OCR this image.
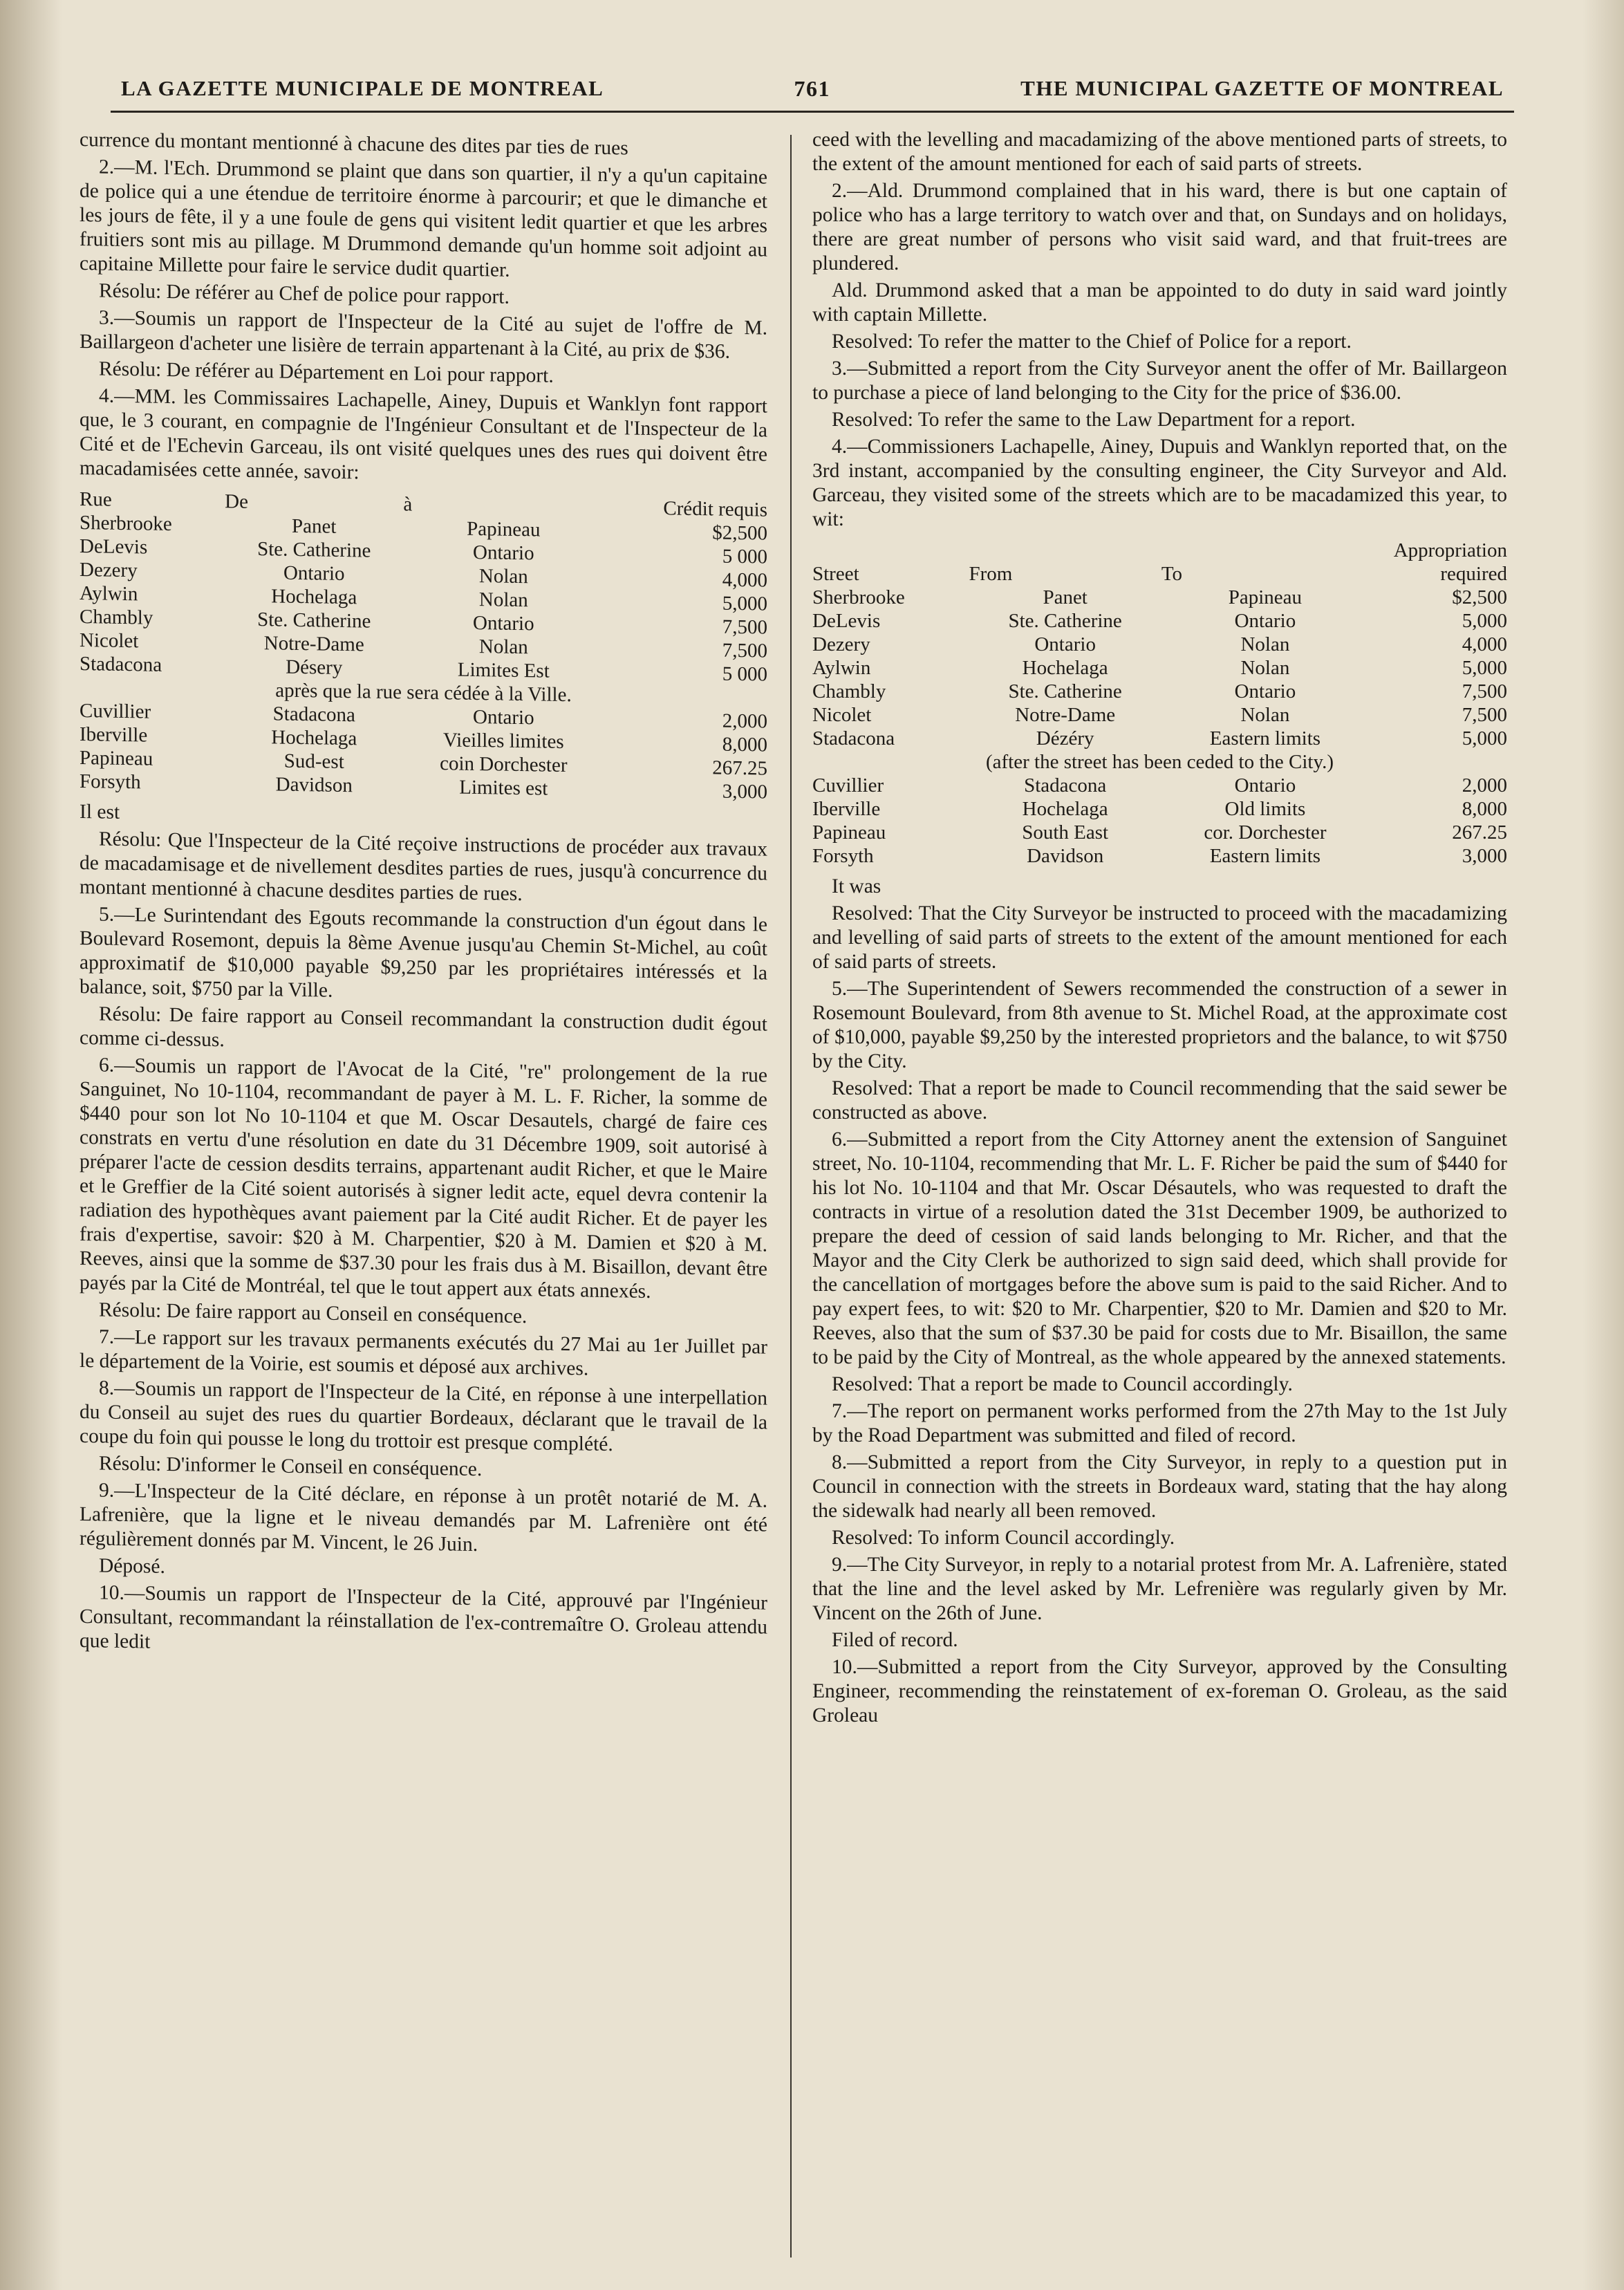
LA GAZETTE MUNICIPALE DE MONTREAL	761	THE MUNICIPAL GAZETTE OF MONTREAL

currence du montant mentionné à chacune des dites par ties de rues

2.—M. l'Ech. Drummond se plaint que dans son quartier, il n'y a qu'un capitaine de police qui a une étendue de territoire énorme à parcourir; et que le dimanche et les jours de fête, il y a une foule de gens qui visitent ledit quartier et que les arbres fruitiers sont mis au pillage. M Drummond demande qu'un homme soit adjoint au capitaine Millette pour faire le service dudit quartier.

Résolu: De référer au Chef de police pour rapport.

3.—Soumis un rapport de l'Inspecteur de la Cité au sujet de l'offre de M. Baillargeon d'acheter une lisière de terrain appartenant à la Cité, au prix de $36.

Résolu: De référer au Département en Loi pour rapport.

4.—MM. les Commissaires Lachapelle, Ainey, Dupuis et Wanklyn font rapport que, le 3 courant, en compagnie de l'Ingénieur Consultant et de l'Inspecteur de la Cité et de l'Echevin Garceau, ils ont visité quelques unes des rues qui doivent être macadamisées cette année, savoir:

Rue	De	à	Crédit requis
Sherbrooke	Panet	Papineau	$2,500
DeLevis	Ste. Catherine	Ontario	5 000
Dezery	Ontario	Nolan	4,000
Aylwin	Hochelaga	Nolan	5,000
Chambly	Ste. Catherine	Ontario	7,500
Nicolet	Notre-Dame	Nolan	7,500
Stadacona	Désery	Limites Est	5 000
après que la rue sera cédée à la Ville.			
Cuvillier	Stadacona	Ontario	2,000
Iberville	Hochelaga	Vieilles limites	8,000
Papineau	Sud-est	coin Dorchester	267.25
Forsyth	Davidson	Limites est	3,000

Il est

Résolu: Que l'Inspecteur de la Cité reçoive instructions de procéder aux travaux de macadamisage et de nivellement desdites parties de rues, jusqu'à concurrence du montant mentionné à chacune desdites parties de rues.

5.—Le Surintendant des Egouts recommande la construction d'un égout dans le Boulevard Rosemont, depuis la 8ème Avenue jusqu'au Chemin St-Michel, au coût approximatif de $10,000 payable $9,250 par les propriétaires intéressés et la balance, soit, $750 par la Ville.

Résolu: De faire rapport au Conseil recommandant la construction dudit égout comme ci-dessus.

6.—Soumis un rapport de l'Avocat de la Cité, "re" prolongement de la rue Sanguinet, No 10-1104, recommandant de payer à M. L. F. Richer, la somme de $440 pour son lot No 10-1104 et que M. Oscar Desautels, chargé de faire ces constrats en vertu d'une résolution en date du 31 Décembre 1909, soit autorisé à préparer l'acte de cession desdits terrains, appartenant audit Richer, et que le Maire et le Greffier de la Cité soient autorisés à signer ledit acte, equel devra contenir la radiation des hypothèques avant paiement par la Cité audit Richer. Et de payer les frais d'expertise, savoir: $20 à M. Charpentier, $20 à M. Damien et $20 à M. Reeves, ainsi que la somme de $37.30 pour les frais dus à M. Bisaillon, devant être payés par la Cité de Montréal, tel que le tout appert aux états annexés.

Résolu: De faire rapport au Conseil en conséquence.

7.—Le rapport sur les travaux permanents exécutés du 27 Mai au 1er Juillet par le département de la Voirie, est soumis et déposé aux archives.

8.—Soumis un rapport de l'Inspecteur de la Cité, en réponse à une interpellation du Conseil au sujet des rues du quartier Bordeaux, déclarant que le travail de la coupe du foin qui pousse le long du trottoir est presque complété.

Résolu: D'informer le Conseil en conséquence.

9.—L'Inspecteur de la Cité déclare, en réponse à un protêt notarié de M. A. Lafrenière, que la ligne et le niveau demandés par M. Lafrenière ont été régulièrement donnés par M. Vincent, le 26 Juin.

Déposé.

10.—Soumis un rapport de l'Inspecteur de la Cité, approuvé par l'Ingénieur Consultant, recommandant la réinstallation de l'ex-contremaître O. Groleau attendu que ledit

ceed with the levelling and macadamizing of the above mentioned parts of streets, to the extent of the amount mentioned for each of said parts of streets.

2.—Ald. Drummond complained that in his ward, there is but one captain of police who has a large territory to watch over and that, on Sundays and on holidays, there are great number of persons who visit said ward, and that fruit-trees are plundered.

Ald. Drummond asked that a man be appointed to do duty in said ward jointly with captain Millette.

Resolved: To refer the matter to the Chief of Police for a report.

3.—Submitted a report from the City Surveyor anent the offer of Mr. Baillargeon to purchase a piece of land belonging to the City for the price of $36.00.

Resolved: To refer the same to the Law Department for a report.

4.—Commissioners Lachapelle, Ainey, Dupuis and Wanklyn reported that, on the 3rd instant, accompanied by the consulting engineer, the City Surveyor and Ald. Garceau, they visited some of the streets which are to be macadamized this year, to wit:

Street	From	To	Appropriation required
Sherbrooke	Panet	Papineau	$2,500
DeLevis	Ste. Catherine	Ontario	5,000
Dezery	Ontario	Nolan	4,000
Aylwin	Hochelaga	Nolan	5,000
Chambly	Ste. Catherine	Ontario	7,500
Nicolet	Notre-Dame	Nolan	7,500
Stadacona	Dézéry	Eastern limits	5,000
(after the street has been ceded to the City.)			
Cuvillier	Stadacona	Ontario	2,000
Iberville	Hochelaga	Old limits	8,000
Papineau	South East	cor. Dorchester	267.25
Forsyth	Davidson	Eastern limits	3,000

It was

Resolved: That the City Surveyor be instructed to proceed with the macadamizing and levelling of said parts of streets to the extent of the amount mentioned for each of said parts of streets.

5.—The Superintendent of Sewers recommended the construction of a sewer in Rosemount Boulevard, from 8th avenue to St. Michel Road, at the approximate cost of $10,000, payable $9,250 by the interested proprietors and the balance, to wit $750 by the City.

Resolved: That a report be made to Council recommending that the said sewer be constructed as above.

6.—Submitted a report from the City Attorney anent the extension of Sanguinet street, No. 10-1104, recommending that Mr. L. F. Richer be paid the sum of $440 for his lot No. 10-1104 and that Mr. Oscar Désautels, who was requested to draft the contracts in virtue of a resolution dated the 31st December 1909, be authorized to prepare the deed of cession of said lands belonging to Mr. Richer, and that the Mayor and the City Clerk be authorized to sign said deed, which shall provide for the cancellation of mortgages before the above sum is paid to the said Richer. And to pay expert fees, to wit: $20 to Mr. Charpentier, $20 to Mr. Damien and $20 to Mr. Reeves, also that the sum of $37.30 be paid for costs due to Mr. Bisaillon, the same to be paid by the City of Montreal, as the whole appeared by the annexed statements.

Resolved: That a report be made to Council accordingly.

7.—The report on permanent works performed from the 27th May to the 1st July by the Road Department was submitted and filed of record.

8.—Submitted a report from the City Surveyor, in reply to a question put in Council in connection with the streets in Bordeaux ward, stating that the hay along the sidewalk had nearly all been removed.

Resolved: To inform Council accordingly.

9.—The City Surveyor, in reply to a notarial protest from Mr. A. Lafrenière, stated that the line and the level asked by Mr. Lefrenière was regularly given by Mr. Vincent on the 26th of June.

Filed of record.

10.—Submitted a report from the City Surveyor, approved by the Consulting Engineer, recommending the reinstatement of ex-foreman O. Groleau, as the said Groleau
